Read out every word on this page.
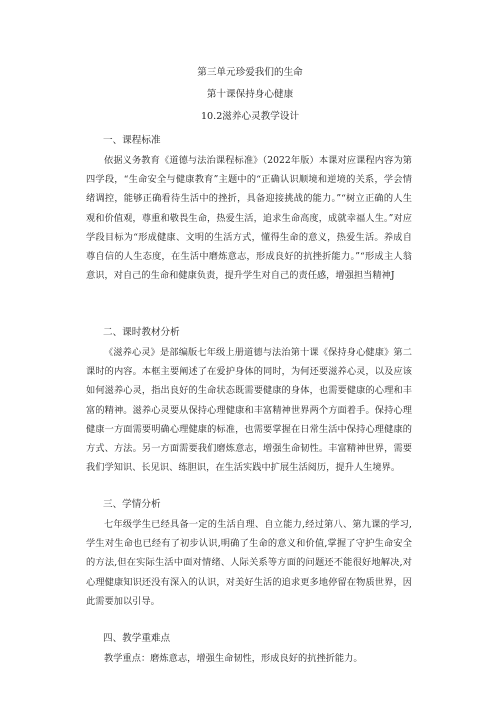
第三单元珍爱我们的生命
第十课保持身心健康
10.2滋养心灵教学设计
一、课程标准
依据义务教育《道德与法治课程标准》（2022年版）本课对应课程内容为第四学段，“生命安全与健康教育”主题中的“正确认识顺境和逆境的关系，学会情绪调控，能够正确看待生活中的挫折，具备迎接挑战的能力。”“树立正确的人生观和价值观，尊重和敬畏生命，热爱生活，追求生命高度，成就幸福人生。”对应学段目标为“形成健康、文明的生活方式，懂得生命的意义，热爱生活。养成自尊自信的人生态度，在生活中磨炼意志，形成良好的抗挫折能力。”“形成主人翁意识，对自己的生命和健康负责，提升学生对自己的责任感，增强担当精神J
二、课时教材分析
《滋养心灵》是部编版七年级上册道德与法治第十课《保持身心健康》第二课时的内容。本框主要阐述了在爱护身体的同时，为何还要滋养心灵，以及应该如何滋养心灵，指出良好的生命状态既需要健康的身体，也需要健康的心理和丰富的精神。滋养心灵要从保持心理健康和丰富精神世界两个方面着手。保持心理健康一方面需要明确心理健康的标准，也需要掌握在日常生活中保持心理健康的方式、方法。另一方面需要我们磨炼意志，增强生命韧性。丰富精神世界，需要我们学知识、长见识、练胆识，在生活实践中扩展生活阅历，提升人生境界。
三、学情分析
七年级学生已经具备一定的生活自理、自立能力,经过第八、第九课的学习,学生对生命也已经有了初步认识,明确了生命的意义和价值,掌握了守护生命安全的方法,但在实际生活中面对情绪、人际关系等方面的问题还不能很好地解决,对心理健康知识还没有深入的认识，对美好生活的追求更多地停留在物质世界，因此需要加以引导。
四、教学重难点
教学重点：磨炼意志，增强生命韧性，形成良好的抗挫折能力。
